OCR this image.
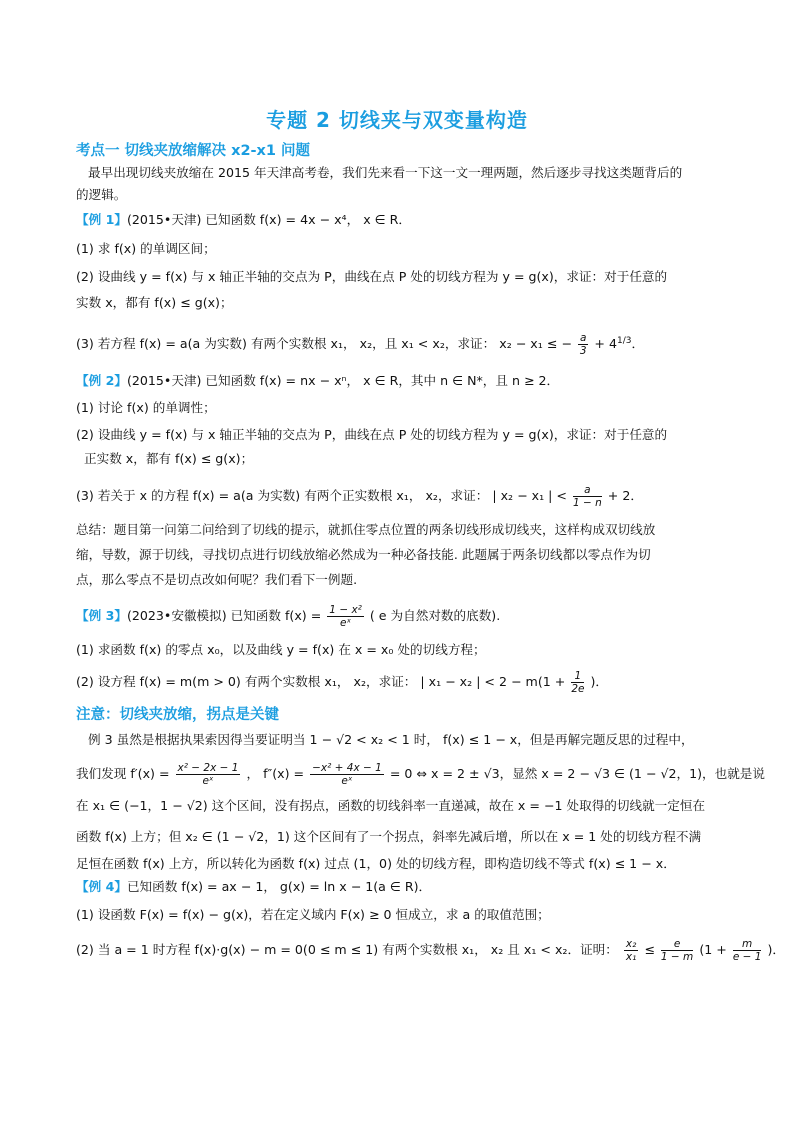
专题 2 切线夹与双变量构造
考点一 切线夹放缩解决 x2-x1 问题
最早出现切线夹放缩在 2015 年天津高考卷，我们先来看一下这一文一理两题，然后逐步寻找这类题背后的
的逻辑。
【例 1】(2015•天津) 已知函数 f(x) = 4x − x⁴， x ∈ R．
(1) 求 f(x) 的单调区间；
(2) 设曲线 y = f(x) 与 x 轴正半轴的交点为 P，曲线在点 P 处的切线方程为 y = g(x)，求证：对于任意的
实数 x，都有 f(x) ≤ g(x)；
(3) 若方程 f(x) = a(a 为实数) 有两个实数根 x₁， x₂，且 x₁ < x₂，求证： x₂ − x₁ ≤ − $\frac{a}{3} + 4^{1/3}$．
【例 2】(2015•天津) 已知函数 f(x) = nx − xⁿ， x ∈ R，其中 n ∈ N*，且 n ≥ 2．
(1) 讨论 f(x) 的单调性；
(2) 设曲线 y = f(x) 与 x 轴正半轴的交点为 P，曲线在点 P 处的切线方程为 y = g(x)，求证：对于任意的
正实数 x，都有 f(x) ≤ g(x)；
(3) 若关于 x 的方程 f(x) = a(a 为实数) 有两个正实数根 x₁， x₂，求证： | x₂ − x₁ | < $\frac{a}{1 - n} + 2$．
总结：题目第一问第二问给到了切线的提示，就抓住零点位置的两条切线形成切线夹，这样构成双切线放
缩，导数，源于切线，寻找切点进行切线放缩必然成为一种必备技能. 此题属于两条切线都以零点作为切
点，那么零点不是切点改如何呢？我们看下一例题.
【例 3】(2023•安徽模拟) 已知函数 $f(x) = \frac{\text{1 − x²}}{\text{eˣ}}$ ( e 为自然对数的底数).
(1) 求函数 f(x) 的零点 x₀，以及曲线 y = f(x) 在 x = x₀ 处的切线方程；
(2) 设方程 f(x) = m(m > 0) 有两个实数根 x₁， x₂，求证： | x₁ − x₂ | < $2 - m(1 + \frac{1}{2e}$ )．
注意：切线夹放缩，拐点是关键
例 3 虽然是根据执果索因得当要证明当 1 − √2 < x₂ < 1 时， f(x) ≤ 1 − x，但是再解完题反思的过程中，
我们发现 $f'(x) = \frac{\text{x² − 2x − 1}}{\text{eˣ}}$ ， $f''(x) = \frac{\text{−x² + 4x − 1}}{\text{eˣ}} = 0$ ⇔ x = 2 ± √3，显然 x = 2 − √3 ∈ (1 − √2，1)，也就是说
在 x₁ ∈ (−1，1 − √2) 这个区间，没有拐点，函数的切线斜率一直递减，故在 x = −1 处取得的切线就一定恒在
函数 f(x) 上方；但 x₂ ∈ (1 − √2，1) 这个区间有了一个拐点，斜率先减后增，所以在 x = 1 处的切线方程不满
足恒在函数 f(x) 上方，所以转化为函数 f(x) 过点 (1，0) 处的切线方程，即构造切线不等式 f(x) ≤ 1 − x．
【例 4】已知函数 f(x) = ax − 1， g(x) = ln x − 1(a ∈ R)．
(1) 设函数 F(x) = f(x) − g(x)，若在定义域内 F(x) ≥ 0 恒成立，求 a 的取值范围；
(2) 当 a = 1 时方程 f(x)·g(x) − m = 0(0 ≤ m ≤ 1) 有两个实数根 x₁， x₂ 且 x₁ < x₂．证明： $\frac{\text{x₂}}{\text{x₁}} \le \frac{e}{1 - m} (1 + \frac{m}{e - 1}$ )．
